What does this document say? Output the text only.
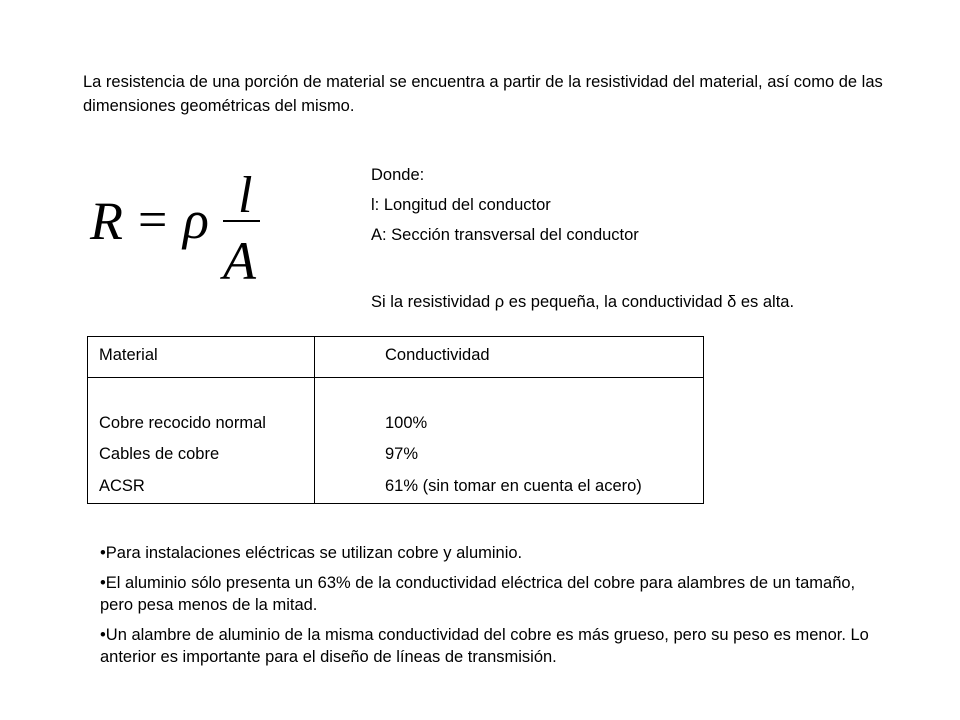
La resistencia de una porción de material se encuentra a partir de la resistividad del material, así como de las dimensiones geométricas del mismo.

R = ρ l
A
Donde:
l: Longitud del conductor
A: Sección transversal del conductor
Si la resistividad ρ es pequeña, la conductividad δ es alta.
Material	Conductividad
Cobre recocido normal	100%
Cables de cobre	97%
ACSR	61% (sin tomar en cuenta el acero)
•Para instalaciones eléctricas se utilizan cobre y aluminio.
•El aluminio sólo presenta un 63% de la conductividad eléctrica del cobre para alambres de un tamaño, pero pesa menos de la mitad.
•Un alambre de aluminio de la misma conductividad del cobre es más grueso, pero su peso es menor. Lo anterior es importante para el diseño de líneas de transmisión.
